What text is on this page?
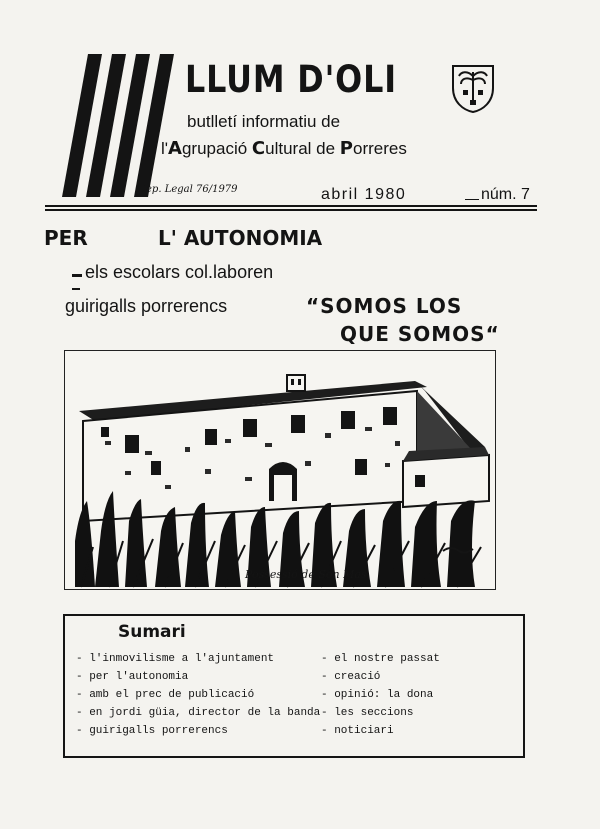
LLUM D'OLI
butlletí informatiu de
l'Agrupació Cultural de Porreres
Dep. Legal 76/1979	abril 1980	núm. 7
PER	L' AUTONOMIA
els escolars col.laboren
guirigalls porrerencs	“SOMOS LOS
QUE SOMOS“
Possessió de Son Mas
Sumari
- l'inmovilisme a l'ajuntament
- per l'autonomia
- amb el prec de publicació
- en jordi güia, director de la banda
- guirigalls porrerencs
- el nostre passat
- creació
- opinió: la dona
- les seccions
- noticiari
